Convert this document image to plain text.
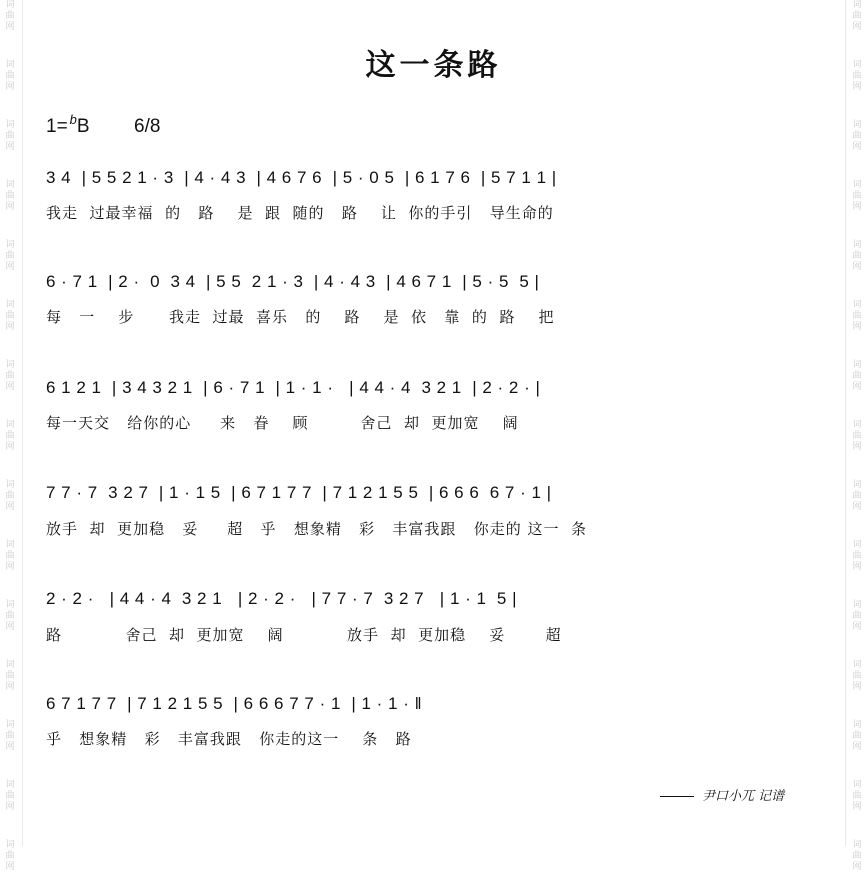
词
曲
网
词
曲
网
词
曲
网
词
曲
网
词
曲
网
词
曲
网
词
曲
网
词
曲
网
词
曲
网
词
曲
网
词
曲
网
词
曲
网
词
曲
网
词
曲
网
词
曲
网
词
曲
网
词
曲
网
词
曲
网
词
曲
网
词
曲
网
词
曲
网
词
曲
网
词
曲
网
词
曲
网
词
曲
网
词
曲
网
词
曲
网
词
曲
网
词
曲
网
词
曲
网
这一条路
1= $^b$B 6/8
3 4  | 5 5 2 1 · 3  | 4 · 4 3  | 4 6 7 6  | 5 · 0 5  | 6 1 7 6  | 5 7 1 1 |
我走  过最幸福  的   路    是  跟  随的   路    让  你的手引   导生命的
6 · 7 1  | 2 ·  0  3 4  | 5 5  2 1 · 3  | 4 · 4 3  | 4 6 7 1  | 5 · 5  5 |
每   一    步      我走  过最  喜乐   的    路    是  依   靠  的  路    把
6 1 2 1  | 3 4 3 2 1  | 6 · 7 1  | 1 · 1 ·   | 4 4 · 4  3 2 1  | 2 · 2 · |
每一天交   给你的心     来   眷    顾         舍己  却  更加宽    阔
7 7 · 7  3 2 7  | 1 · 1 5  | 6 7 1 7 7  | 7 1 2 1 5 5  | 6 6 6  6 7 · 1 |
放手  却  更加稳   妥     超   乎   想象精   彩   丰富我跟   你走的 这一  条
2 · 2 ·   | 4 4 · 4  3 2 1   | 2 · 2 ·   | 7 7 · 7  3 2 7   | 1 · 1  5 |
路           舍己  却  更加宽    阔           放手  却  更加稳    妥       超
6 7 1 7 7  | 7 1 2 1 5 5  | 6 6 6 7 7 · 1  | 1 · 1 · ‖
乎   想象精   彩   丰富我跟   你走的这一    条   路
尹口小兀 记谱
